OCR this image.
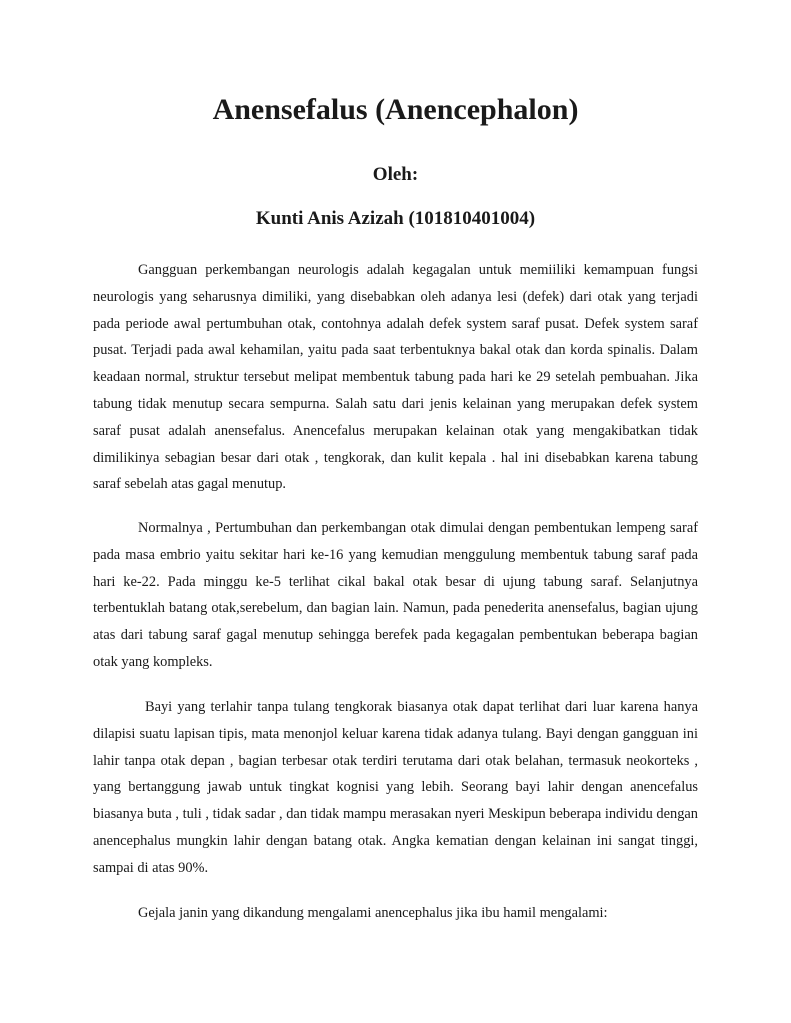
Anensefalus (Anencephalon)

Oleh:

Kunti Anis Azizah (101810401004)

Gangguan perkembangan neurologis adalah kegagalan untuk memiiliki kemampuan fungsi neurologis yang seharusnya dimiliki, yang disebabkan oleh adanya lesi (defek) dari otak yang terjadi pada periode awal pertumbuhan otak, contohnya adalah defek system saraf pusat. Defek system saraf pusat. Terjadi pada awal kehamilan, yaitu pada saat terbentuknya bakal otak dan korda spinalis. Dalam keadaan normal, struktur tersebut melipat membentuk tabung pada hari ke 29 setelah pembuahan. Jika tabung tidak menutup secara sempurna. Salah satu dari jenis kelainan yang merupakan defek system saraf pusat adalah anensefalus. Anencefalus merupakan kelainan otak yang mengakibatkan tidak dimilikinya sebagian besar dari otak , tengkorak, dan kulit kepala . hal ini disebabkan karena tabung saraf sebelah atas gagal menutup.

Normalnya , Pertumbuhan dan perkembangan otak dimulai dengan pembentukan lempeng saraf pada masa embrio yaitu sekitar hari ke-16 yang kemudian menggulung membentuk tabung saraf pada hari ke-22. Pada minggu ke-5 terlihat cikal bakal otak besar di ujung tabung saraf. Selanjutnya terbentuklah batang otak,serebelum, dan bagian lain. Namun, pada penederita anensefalus, bagian ujung atas dari tabung saraf gagal menutup sehingga berefek pada kegagalan pembentukan beberapa bagian otak yang kompleks.

Bayi yang terlahir tanpa tulang tengkorak biasanya otak dapat terlihat dari luar karena hanya dilapisi suatu lapisan tipis, mata menonjol keluar karena tidak adanya tulang. Bayi dengan gangguan ini lahir tanpa otak depan , bagian terbesar otak terdiri terutama dari otak belahan, termasuk neokorteks , yang bertanggung jawab untuk tingkat kognisi yang lebih. Seorang bayi lahir dengan anencefalus biasanya buta , tuli , tidak sadar , dan tidak mampu merasakan nyeri Meskipun beberapa individu dengan anencephalus mungkin lahir dengan batang otak. Angka kematian dengan kelainan ini sangat tinggi, sampai di atas 90%.

Gejala janin yang dikandung mengalami anencephalus jika ibu hamil mengalami:
